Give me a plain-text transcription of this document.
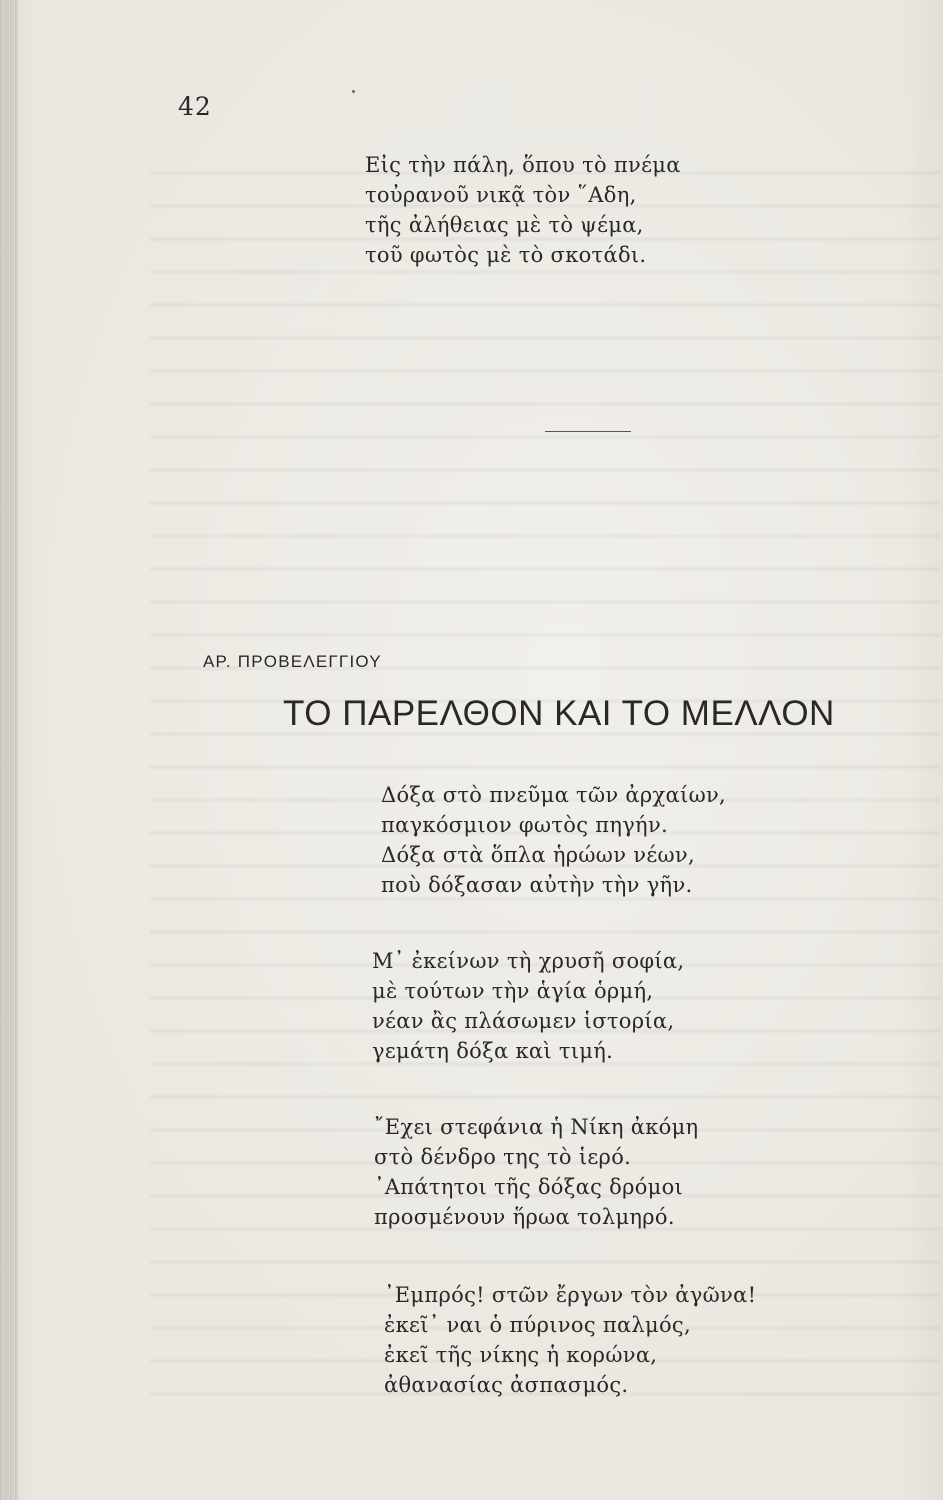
42
Εἰς τὴν πάλη, ὅπου τὸ πνέμα
τοὐρανοῦ νικᾷ τὸν ῞Αδη,
τῆς ἀλήθειας μὲ τὸ ψέμα,
τοῦ φωτὸς μὲ τὸ σκοτάδι.
ΑΡ. ΠΡΟΒΕΛΕΓΓΙΟΥ
ΤΟ ΠΑΡΕΛΘΟΝ ΚΑΙ ΤΟ ΜΕΛΛΟΝ
Δόξα στὸ πνεῦμα τῶν ἀρχαίων,
παγκόσμιον φωτὸς πηγήν.
Δόξα στὰ ὅπλα ἡρώων νέων,
ποὺ δόξασαν αὐτὴν τὴν γῆν.
Μ᾿ ἐκείνων τὴ χρυσῆ σοφία,
μὲ τούτων τὴν ἁγία ὁρμή,
νέαν ἂς πλάσωμεν ἱστορία,
γεμάτη δόξα καὶ τιμή.
῎Εχει στεφάνια ἡ Νίκη ἀκόμη
στὸ δένδρο της τὸ ἱερό.
᾿Απάτητοι τῆς δόξας δρόμοι
προσμένουν ἥρωα τολμηρό.
᾿Εμπρός! στῶν ἔργων τὸν ἀγῶνα!
ἐκεῖ᾿ ναι ὁ πύρινος παλμός,
ἐκεῖ τῆς νίκης ἡ κορώνα,
ἀθανασίας ἀσπασμός.
